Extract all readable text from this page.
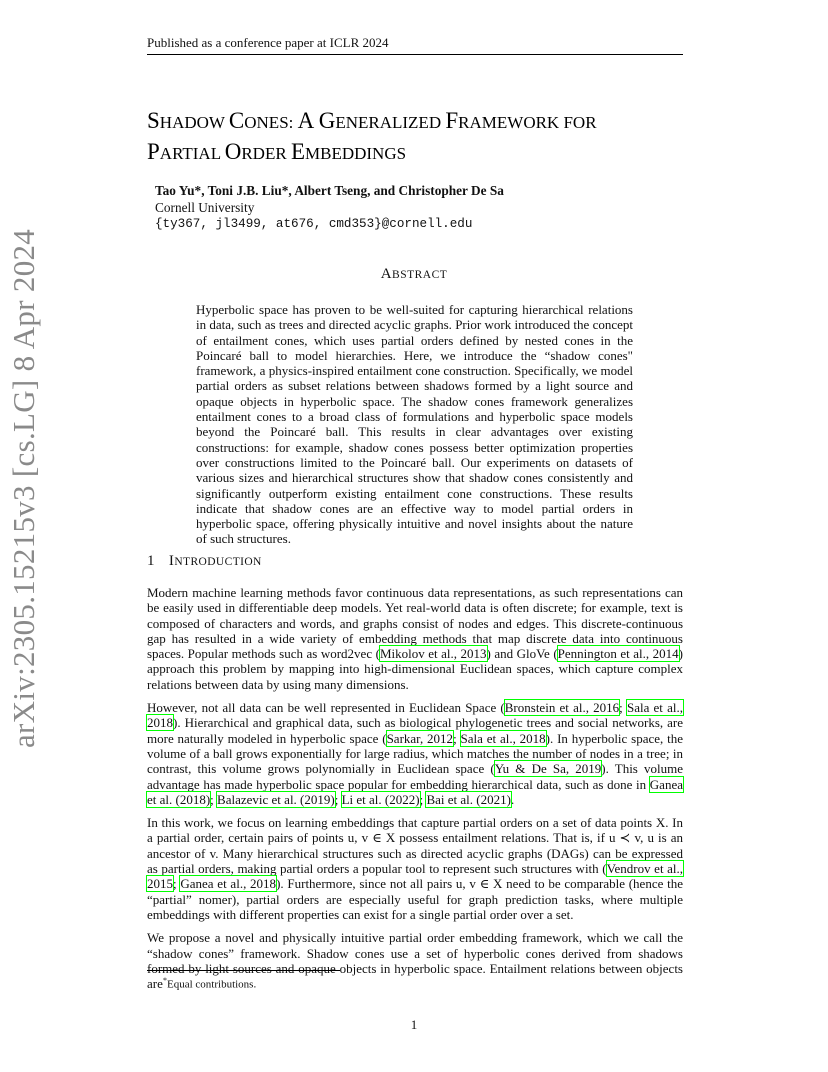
Published as a conference paper at ICLR 2024
arXiv:2305.15215v3 [cs.LG] 8 Apr 2024
SHADOW CONES: A GENERALIZED FRAMEWORK FOR
PARTIAL ORDER EMBEDDINGS
Tao Yu*, Toni J.B. Liu*, Albert Tseng, and Christopher De Sa
Cornell University
{ty367, jl3499, at676, cmd353}@cornell.edu
ABSTRACT
Hyperbolic space has proven to be well-suited for capturing hierarchical relations in data, such as trees and directed acyclic graphs. Prior work introduced the concept of entailment cones, which uses partial orders defined by nested cones in the Poincaré ball to model hierarchies. Here, we introduce the “shadow cones" framework, a physics-inspired entailment cone construction. Specifically, we model partial orders as subset relations between shadows formed by a light source and opaque objects in hyperbolic space. The shadow cones framework generalizes entailment cones to a broad class of formulations and hyperbolic space models beyond the Poincaré ball. This results in clear advantages over existing constructions: for example, shadow cones possess better optimization properties over constructions limited to the Poincaré ball. Our experiments on datasets of various sizes and hierarchical structures show that shadow cones consistently and significantly outperform existing entailment cone constructions. These results indicate that shadow cones are an effective way to model partial orders in hyperbolic space, offering physically intuitive and novel insights about the nature of such structures.
1 INTRODUCTION

Modern machine learning methods favor continuous data representations, as such representations can be easily used in differentiable deep models. Yet real-world data is often discrete; for example, text is composed of characters and words, and graphs consist of nodes and edges. This discrete-continuous gap has resulted in a wide variety of embedding methods that map discrete data into continuous spaces. Popular methods such as word2vec (Mikolov et al., 2013) and GloVe (Pennington et al., 2014) approach this problem by mapping into high-dimensional Euclidean spaces, which capture complex relations between data by using many dimensions.

However, not all data can be well represented in Euclidean Space (Bronstein et al., 2016; Sala et al., 2018). Hierarchical and graphical data, such as biological phylogenetic trees and social networks, are more naturally modeled in hyperbolic space (Sarkar, 2012; Sala et al., 2018). In hyperbolic space, the volume of a ball grows exponentially for large radius, which matches the number of nodes in a tree; in contrast, this volume grows polynomially in Euclidean space (Yu & De Sa, 2019). This volume advantage has made hyperbolic space popular for embedding hierarchical data, such as done in Ganea et al. (2018); Balazevic et al. (2019); Li et al. (2022); Bai et al. (2021).

In this work, we focus on learning embeddings that capture partial orders on a set of data points X. In a partial order, certain pairs of points u, v ∈ X possess entailment relations. That is, if u ≺ v, u is an ancestor of v. Many hierarchical structures such as directed acyclic graphs (DAGs) can be expressed as partial orders, making partial orders a popular tool to represent such structures with (Vendrov et al., 2015; Ganea et al., 2018). Furthermore, since not all pairs u, v ∈ X need to be comparable (hence the “partial” nomer), partial orders are especially useful for graph prediction tasks, where multiple embeddings with different properties can exist for a single partial order over a set.

We propose a novel and physically intuitive partial order embedding framework, which we call the “shadow cones” framework. Shadow cones use a set of hyperbolic cones derived from shadows formed by light sources and opaque objects in hyperbolic space. Entailment relations between objects are *Equal contributions.
1
